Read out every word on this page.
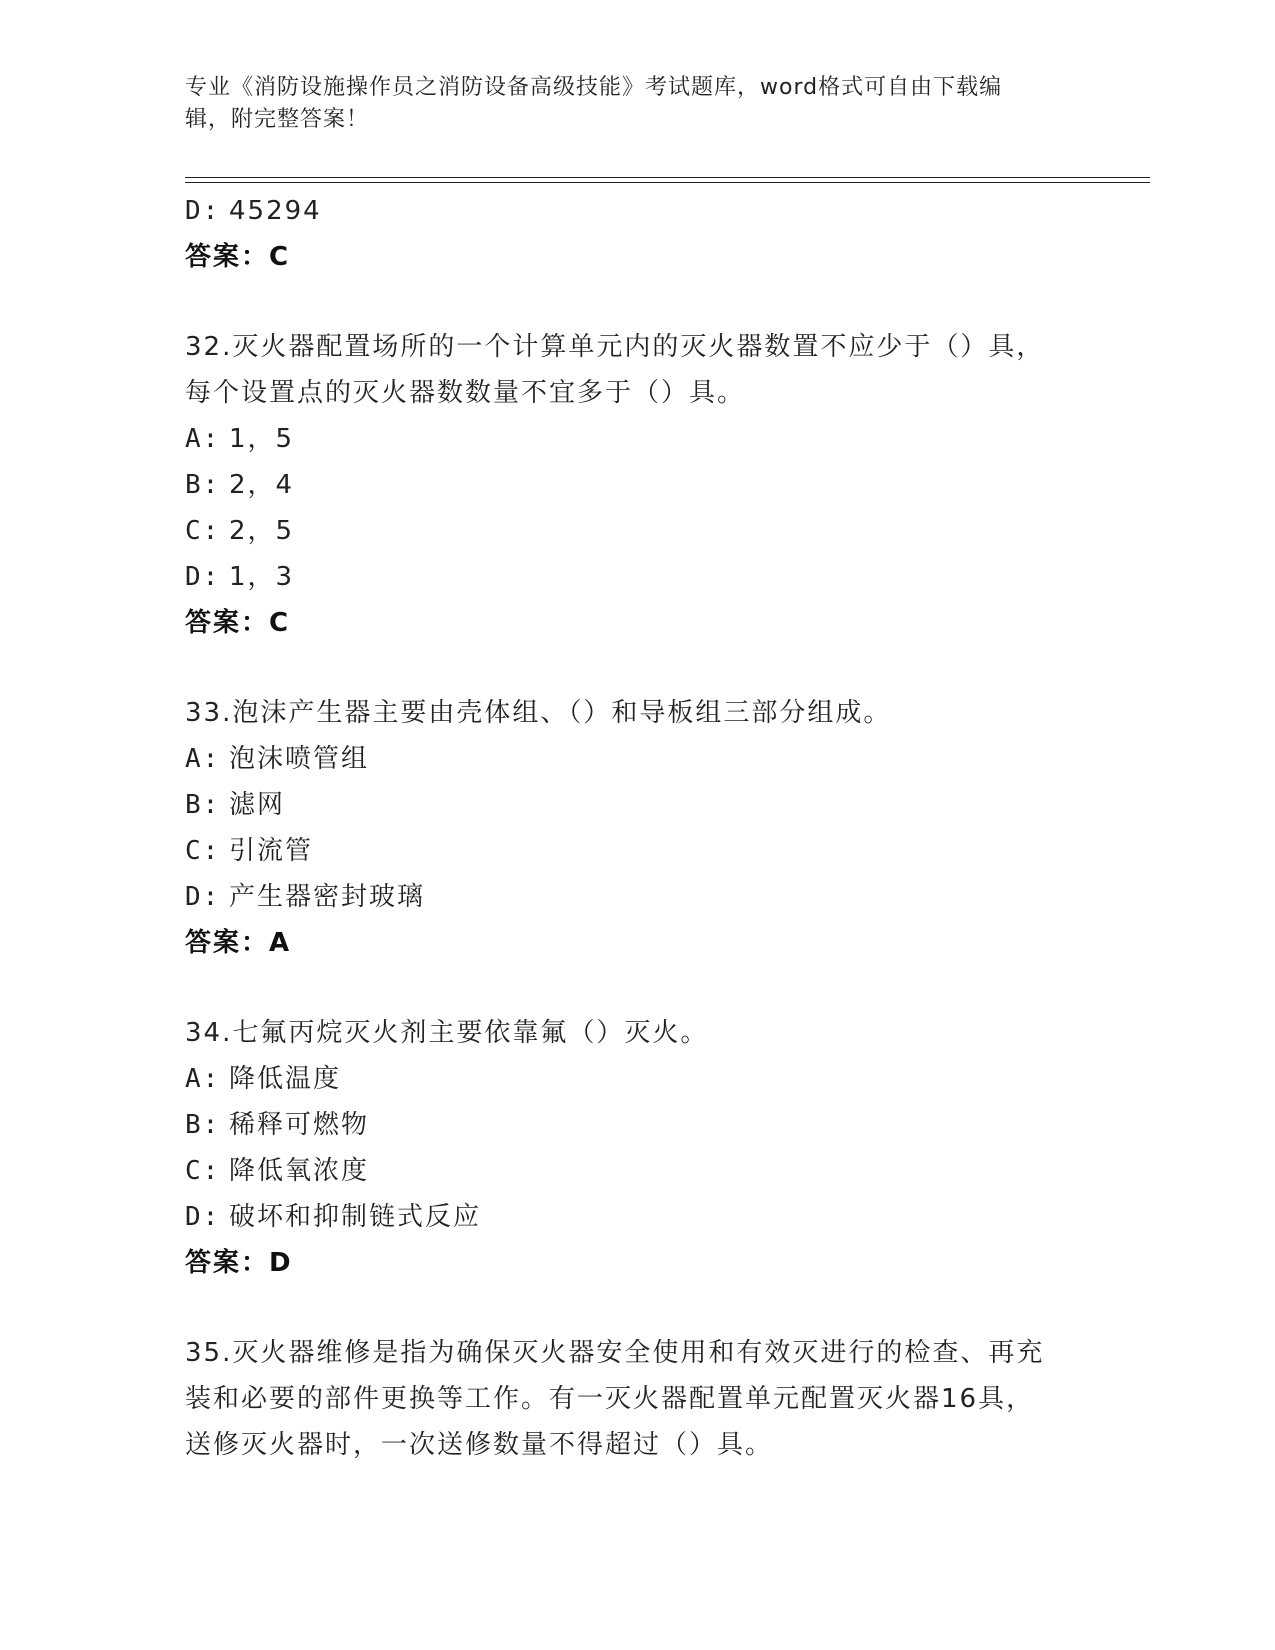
专业《消防设施操作员之消防设备高级技能》考试题库，word格式可自由下载编
辑，附完整答案！
D: 45294
答案：C
32.灭火器配置场所的一个计算单元内的灭火器数置不应少于（）具，
每个设置点的灭火器数数量不宜多于（）具。
A: 1，5
B: 2，4
C: 2，5
D: 1，3
答案：C
33.泡沫产生器主要由壳体组、（）和导板组三部分组成。
A: 泡沫喷管组
B: 滤网
C: 引流管
D: 产生器密封玻璃
答案：A
34.七氟丙烷灭火剂主要依靠氟（）灭火。
A: 降低温度
B: 稀释可燃物
C: 降低氧浓度
D: 破坏和抑制链式反应
答案：D
35.灭火器维修是指为确保灭火器安全使用和有效灭进行的检查、再充
装和必要的部件更换等工作。有一灭火器配置单元配置灭火器16具，
送修灭火器时，一次送修数量不得超过（）具。
